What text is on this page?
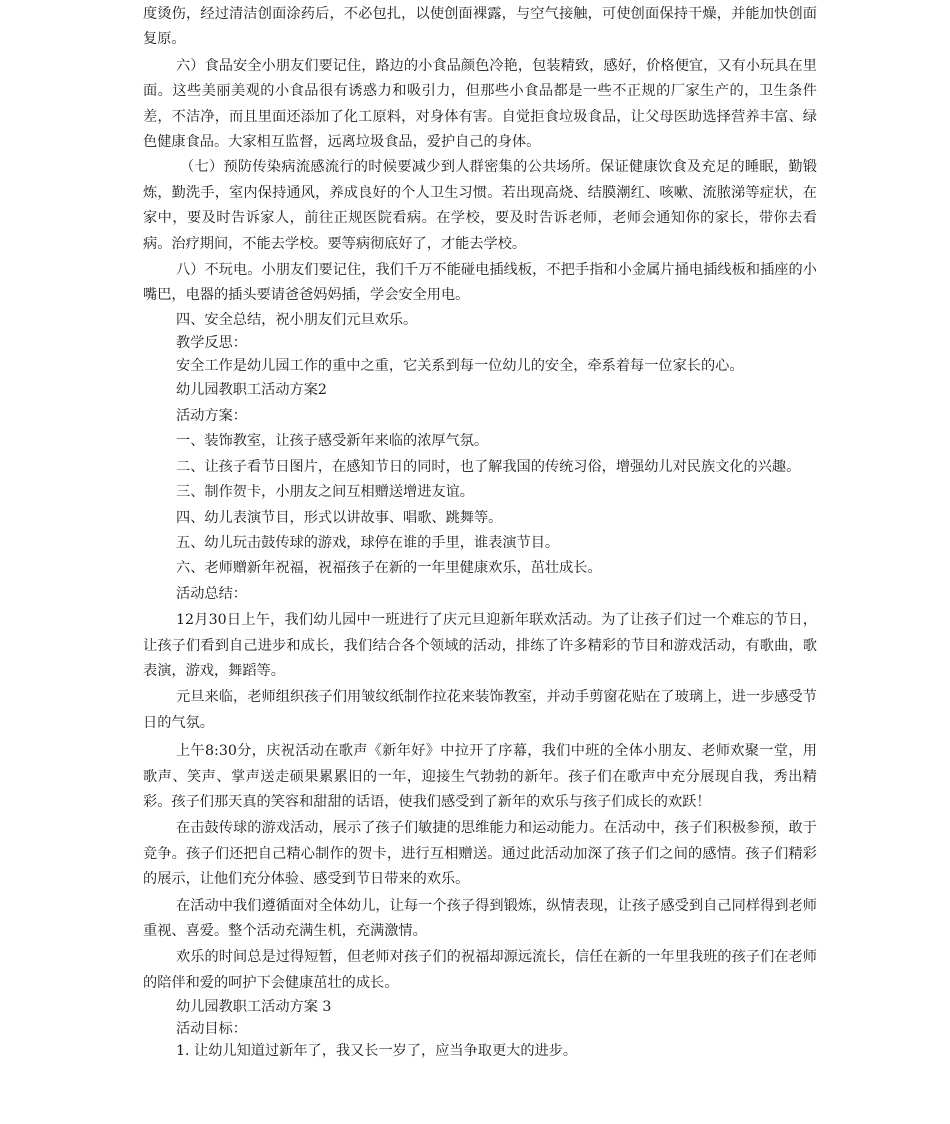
度烫伤，经过清洁创面涂药后，不必包扎，以使创面裸露，与空气接触，可使创面保持干燥，并能加快创面复原。

六）食品安全小朋友们要记住，路边的小食品颜色冷艳，包装精致，感好，价格便宜，又有小玩具在里面。这些美丽美观的小食品很有诱惑力和吸引力，但那些小食品都是一些不正规的厂家生产的，卫生条件差，不洁净，而且里面还添加了化工原料，对身体有害。自觉拒食垃圾食品，让父母医助选择营养丰富、绿色健康食品。大家相互监督，远离垃圾食品，爱护自己的身体。

（七）预防传染病流感流行的时候要减少到人群密集的公共场所。保证健康饮食及充足的睡眠，勤锻炼，勤洗手，室内保持通风，养成良好的个人卫生习惯。若出现高烧、结膜潮红、咳嗽、流脓涕等症状，在家中，要及时告诉家人，前往正规医院看病。在学校，要及时告诉老师，老师会通知你的家长，带你去看病。治疗期间，不能去学校。要等病彻底好了，才能去学校。

八）不玩电。小朋友们要记住，我们千万不能碰电插线板，不把手指和小金属片捅电插线板和插座的小嘴巴，电器的插头要请爸爸妈妈插，学会安全用电。

四、安全总结，祝小朋友们元旦欢乐。

教学反思：

安全工作是幼儿园工作的重中之重，它关系到每一位幼儿的安全，牵系着每一位家长的心。

幼儿园教职工活动方案2

活动方案：

一、装饰教室，让孩子感受新年来临的浓厚气氛。

二、让孩子看节日图片，在感知节日的同时，也了解我国的传统习俗，增强幼儿对民族文化的兴趣。

三、制作贺卡，小朋友之间互相赠送增进友谊。

四、幼儿表演节目，形式以讲故事、唱歌、跳舞等。

五、幼儿玩击鼓传球的游戏，球停在谁的手里，谁表演节目。

六、老师赠新年祝福，祝福孩子在新的一年里健康欢乐，茁壮成长。

活动总结：

12月30日上午，我们幼儿园中一班进行了庆元旦迎新年联欢活动。为了让孩子们过一个难忘的节日，让孩子们看到自己进步和成长，我们结合各个领域的活动，排练了许多精彩的节目和游戏活动，有歌曲，歌表演，游戏，舞蹈等。

元旦来临，老师组织孩子们用皱纹纸制作拉花来装饰教室，并动手剪窗花贴在了玻璃上，进一步感受节日的气氛。

上午8:30分，庆祝活动在歌声《新年好》中拉开了序幕，我们中班的全体小朋友、老师欢聚一堂，用歌声、笑声、掌声送走硕果累累旧的一年，迎接生气勃勃的新年。孩子们在歌声中充分展现自我，秀出精彩。孩子们那天真的笑容和甜甜的话语，使我们感受到了新年的欢乐与孩子们成长的欢跃！

在击鼓传球的游戏活动，展示了孩子们敏捷的思维能力和运动能力。在活动中，孩子们积极参预，敢于竞争。孩子们还把自己精心制作的贺卡，进行互相赠送。通过此活动加深了孩子们之间的感情。孩子们精彩的展示，让他们充分体验、感受到节日带来的欢乐。

在活动中我们遵循面对全体幼儿，让每一个孩子得到锻炼，纵情表现，让孩子感受到自己同样得到老师重视、喜爱。整个活动充满生机，充满激情。

欢乐的时间总是过得短暂，但老师对孩子们的祝福却源远流长，信任在新的一年里我班的孩子们在老师的陪伴和爱的呵护下会健康茁壮的成长。

幼儿园教职工活动方案 3

活动目标：

1. 让幼儿知道过新年了，我又长一岁了，应当争取更大的进步。
